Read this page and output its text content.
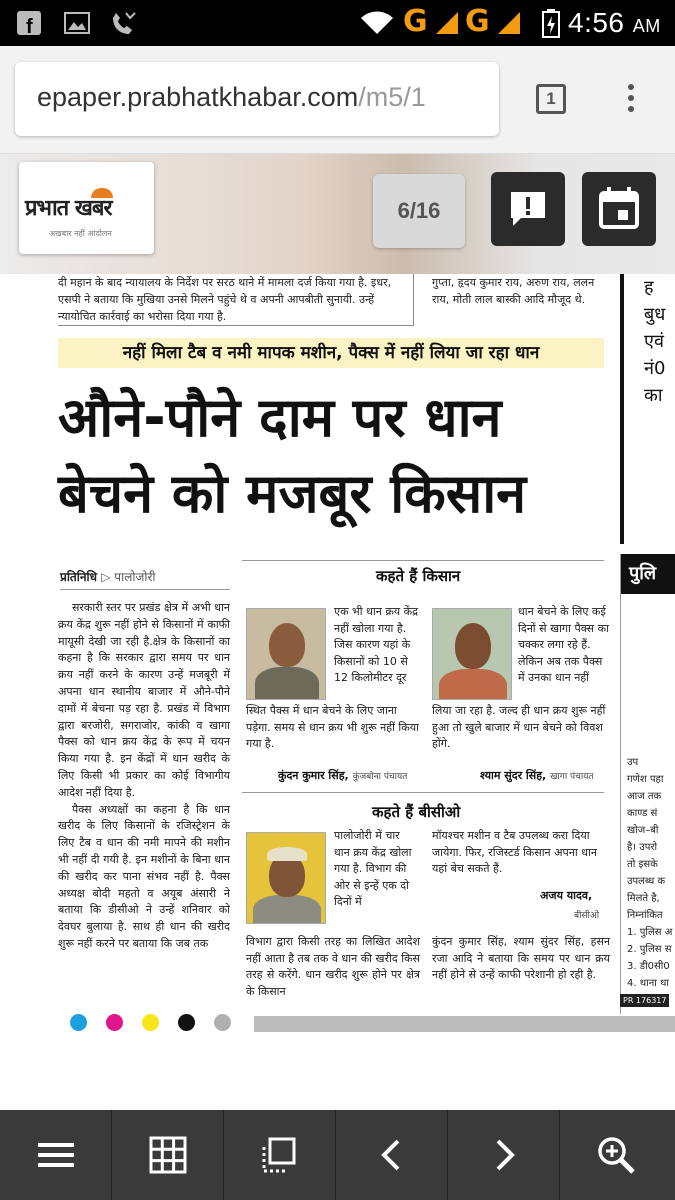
f	G G	4:56 AM
epaper.prabhatkhabar.com/m5/1	1
प्रभात खबर
अखबार नहीं आंदोलन
6/16
दी महान के बाद न्यायालय के निर्देश पर सरठ थाने में मामला दर्ज किया गया है. इधर, एसपी ने बताया कि मुखिया उनसे मिलने पहुंचे थे व अपनी आपबीती सुनायी. उन्हें न्यायोचित कार्रवाई का भरोसा दिया गया है.
गुप्ता, हृदय कुमार राय, अरुण राय, ललन राय, मोती लाल बास्की आदि मौजूद थे.
ह
बुध
एवं
नं0
का
नहीं मिला टैब व नमी मापक मशीन, पैक्स में नहीं लिया जा रहा धान
औने-पौने दाम पर धान
बेचने को मजबूर किसान
प्रतिनिधि ▷ पालोजोरी

सरकारी स्तर पर प्रखंड क्षेत्र में अभी धान क्रय केंद्र शुरू नहीं होने से किसानों में काफी मायूसी देखी जा रही है.क्षेत्र के किसानों का कहना है कि सरकार द्वारा समय पर धान क्रय नहीं करने के कारण उन्हें मजबूरी में अपना धान स्थानीय बाजार में औने-पौने दामों में बेचना पड़ रहा है. प्रखंड में विभाग द्वारा बरजोरी, सगराजोर, कांकी व खागा पैक्स को धान क्रय केंद्र के रूप में चयन किया गया है. इन केंद्रों में धान खरीद के लिए किसी भी प्रकार का कोई विभागीय आदेश नहीं दिया है.

पैक्स अध्यक्षों का कहना है कि धान खरीद के लिए किसानों के रजिस्ट्रेशन के लिए टैब व धान की नमी मापने की मशीन भी नहीं दी गयी है. इन मशीनों के बिना धान की खरीद कर पाना संभव नहीं है. पैक्स अध्यक्ष बोदी महतो व अयूब अंसारी ने बताया कि डीसीओ ने उन्हें शनिवार को देवघर बुलाया है. साथ ही धान की खरीद शुरू नहीं करने पर बताया कि जब तक

कहते हैं किसान
एक भी धान क्रय केंद्र नहीं खोला गया है. जिस कारण यहां के किसानों को 10 से 12 किलोमीटर दूर
स्थित पैक्स में धान बेचने के लिए जाना पड़ेगा. समय से धान क्रय भी शुरू नहीं किया गया है.
कुंदन कुमार सिंह, कुंजबोना पंचायत
धान बेचने के लिए कई दिनों से खागा पैक्स का चक्कर लगा रहे हैं. लेकिन अब तक पैक्स में उनका धान नहीं
लिया जा रहा है. जल्द ही धान क्रय शुरू नहीं हुआ तो खुले बाजार में धान बेचने को विवश होंगे.
श्याम सुंदर सिंह, खागा पंचायत
कहते हैं बीसीओ
पालोजोरी में चार धान क्रय केंद्र खोला गया है. विभाग की ओर से इन्हें एक दो दिनों में
मॉयश्चर मशीन व टैब उपलब्ध करा दिया जायेगा. फिर, रजिस्टर्ड किसान अपना धान यहां बेच सकते हैं.
अजय यादव,
बीसीओ
विभाग द्वारा किसी तरह का लिखित आदेश नहीं आता है तब तक वे धान की खरीद किस तरह से करेंगे. धान खरीद शुरू होने पर क्षेत्र के किसान
कुंदन कुमार सिंह, श्याम सुंदर सिंह, हसन रजा आदि ने बताया कि समय पर धान क्रय नहीं होने से उन्हें काफी परेशानी हो रही है.
पुलि
उप
गणेश पहा
आज तक
काण्ड सं
खोज–बी
है। उपरो
तो इसके
उपलब्ध क
मिलते है,
निम्नांकित
1. पुलिस अ
2. पुलिस स
3. डी0सी0
4. थाना था
PR 176317
